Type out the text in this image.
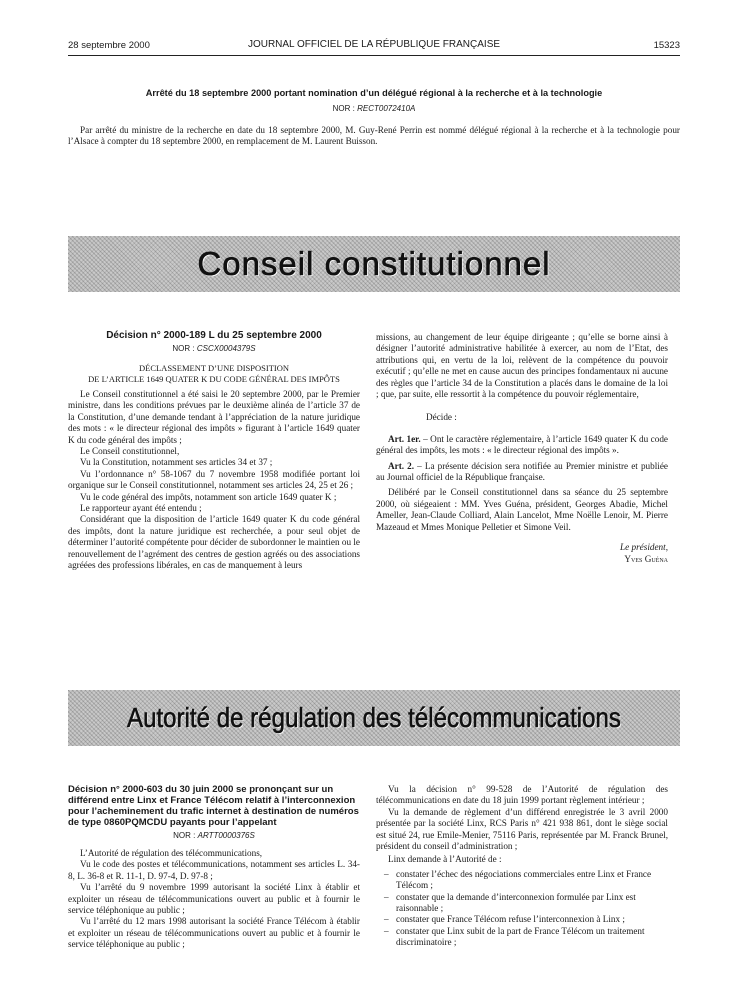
28 septembre 2000	JOURNAL OFFICIEL DE LA RÉPUBLIQUE FRANÇAISE	15323
Arrêté du 18 septembre 2000 portant nomination d’un délégué régional à la recherche et à la technologie
NOR : RECT0072410A

Par arrêté du ministre de la recherche en date du 18 septembre 2000, M. Guy-René Perrin est nommé délégué régional à la recherche et à la technologie pour l’Alsace à compter du 18 septembre 2000, en remplacement de M. Laurent Buisson.

Conseil constitutionnel
Décision n° 2000-189 L du 25 septembre 2000
NOR : CSCX0004379S
DÉCLASSEMENT D’UNE DISPOSITION
DE L’ARTICLE 1649 QUATER K DU CODE GÉNÉRAL DES IMPÔTS

Le Conseil constitutionnel a été saisi le 20 septembre 2000, par le Premier ministre, dans les conditions prévues par le deuxième alinéa de l’article 37 de la Constitution, d’une demande tendant à l’appréciation de la nature juridique des mots : « le directeur régional des impôts » figurant à l’article 1649 quater K du code général des impôts ;

Le Conseil constitutionnel,

Vu la Constitution, notamment ses articles 34 et 37 ;

Vu l’ordonnance n° 58-1067 du 7 novembre 1958 modifiée portant loi organique sur le Conseil constitutionnel, notamment ses articles 24, 25 et 26 ;

Vu le code général des impôts, notamment son article 1649 quater K ;

Le rapporteur ayant été entendu ;

Considérant que la disposition de l’article 1649 quater K du code général des impôts, dont la nature juridique est recherchée, a pour seul objet de déterminer l’autorité compétente pour décider de subordonner le maintien ou le renouvellement de l’agrément des centres de gestion agréés ou des associations agréées des professions libérales, en cas de manquement à leurs

missions, au changement de leur équipe dirigeante ; qu’elle se borne ainsi à désigner l’autorité administrative habilitée à exercer, au nom de l’Etat, des attributions qui, en vertu de la loi, relèvent de la compétence du pouvoir exécutif ; qu’elle ne met en cause aucun des principes fondamentaux ni aucune des règles que l’article 34 de la Constitution a placés dans le domaine de la loi ; que, par suite, elle ressortit à la compétence du pouvoir réglementaire,

Décide :

Art. 1er. – Ont le caractère réglementaire, à l’article 1649 quater K du code général des impôts, les mots : « le directeur régional des impôts ».

Art. 2. – La présente décision sera notifiée au Premier ministre et publiée au Journal officiel de la République française.

Délibéré par le Conseil constitutionnel dans sa séance du 25 septembre 2000, où siégeaient : MM. Yves Guéna, président, Georges Abadie, Michel Ameller, Jean-Claude Colliard, Alain Lancelot, Mme Noëlle Lenoir, M. Pierre Mazeaud et Mmes Monique Pelletier et Simone Veil.

Le président,
Yves Guéna
Autorité de régulation des télécommunications
Décision n° 2000-603 du 30 juin 2000 se prononçant sur un différend entre Linx et France Télécom relatif à l’interconnexion pour l’acheminement du trafic internet à destination de numéros de type 0860PQMCDU payants pour l’appelant
NOR : ARTT0000376S

L’Autorité de régulation des télécommunications,

Vu le code des postes et télécommunications, notamment ses articles L. 34-8, L. 36-8 et R. 11-1, D. 97-4, D. 97-8 ;

Vu l’arrêté du 9 novembre 1999 autorisant la société Linx à établir et exploiter un réseau de télécommunications ouvert au public et à fournir le service téléphonique au public ;

Vu l’arrêté du 12 mars 1998 autorisant la société France Télécom à établir et exploiter un réseau de télécommunications ouvert au public et à fournir le service téléphonique au public ;

Vu la décision n° 99-528 de l’Autorité de régulation des télécommunications en date du 18 juin 1999 portant règlement intérieur ;

Vu la demande de règlement d’un différend enregistrée le 3 avril 2000 présentée par la société Linx, RCS Paris n° 421 938 861, dont le siège social est situé 24, rue Emile-Menier, 75116 Paris, représentée par M. Franck Brunel, président du conseil d’administration ;

Linx demande à l’Autorité de :

– constater l’échec des négociations commerciales entre Linx et France Télécom ;
– constater que la demande d’interconnexion formulée par Linx est raisonnable ;
– constater que France Télécom refuse l’interconnexion à Linx ;
– constater que Linx subit de la part de France Télécom un traitement discriminatoire ;
